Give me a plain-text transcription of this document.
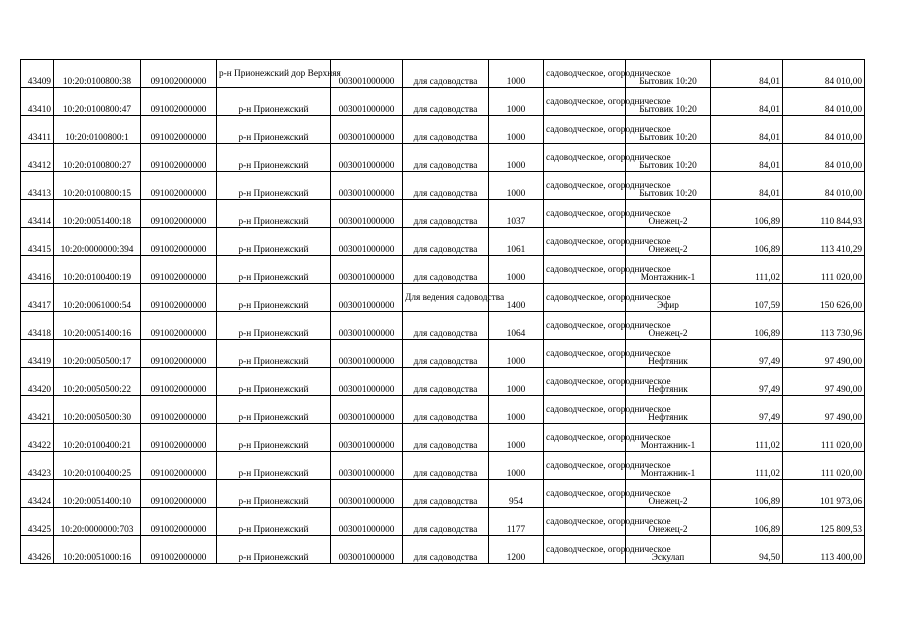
43409	10:20:0100800:38	091002000000	р-н Прионежский дор Верхняя	003001000000	для садоводства	1000	садоводческое, огородническое	Бытовик 10:20	84,01	84 010,00
43410	10:20:0100800:47	091002000000	р-н Прионежский	003001000000	для садоводства	1000	садоводческое, огородническое	Бытовик 10:20	84,01	84 010,00
43411	10:20:0100800:1	091002000000	р-н Прионежский	003001000000	для садоводства	1000	садоводческое, огородническое	Бытовик 10:20	84,01	84 010,00
43412	10:20:0100800:27	091002000000	р-н Прионежский	003001000000	для садоводства	1000	садоводческое, огородническое	Бытовик 10:20	84,01	84 010,00
43413	10:20:0100800:15	091002000000	р-н Прионежский	003001000000	для садоводства	1000	садоводческое, огородническое	Бытовик 10:20	84,01	84 010,00
43414	10:20:0051400:18	091002000000	р-н Прионежский	003001000000	для садоводства	1037	садоводческое, огородническое	Онежец-2	106,89	110 844,93
43415	10:20:0000000:394	091002000000	р-н Прионежский	003001000000	для садоводства	1061	садоводческое, огородническое	Онежец-2	106,89	113 410,29
43416	10:20:0100400:19	091002000000	р-н Прионежский	003001000000	для садоводства	1000	садоводческое, огородническое	Монтажник-1	111,02	111 020,00
43417	10:20:0061000:54	091002000000	р-н Прионежский	003001000000	Для ведения садоводства	1400	садоводческое, огородническое	Эфир	107,59	150 626,00
43418	10:20:0051400:16	091002000000	р-н Прионежский	003001000000	для садоводства	1064	садоводческое, огородническое	Онежец-2	106,89	113 730,96
43419	10:20:0050500:17	091002000000	р-н Прионежский	003001000000	для садоводства	1000	садоводческое, огородническое	Нефтяник	97,49	97 490,00
43420	10:20:0050500:22	091002000000	р-н Прионежский	003001000000	для садоводства	1000	садоводческое, огородническое	Нефтяник	97,49	97 490,00
43421	10:20:0050500:30	091002000000	р-н Прионежский	003001000000	для садоводства	1000	садоводческое, огородническое	Нефтяник	97,49	97 490,00
43422	10:20:0100400:21	091002000000	р-н Прионежский	003001000000	для садоводства	1000	садоводческое, огородническое	Монтажник-1	111,02	111 020,00
43423	10:20:0100400:25	091002000000	р-н Прионежский	003001000000	для садоводства	1000	садоводческое, огородническое	Монтажник-1	111,02	111 020,00
43424	10:20:0051400:10	091002000000	р-н Прионежский	003001000000	для садоводства	954	садоводческое, огородническое	Онежец-2	106,89	101 973,06
43425	10:20:0000000:703	091002000000	р-н Прионежский	003001000000	для садоводства	1177	садоводческое, огородническое	Онежец-2	106,89	125 809,53
43426	10:20:0051000:16	091002000000	р-н Прионежский	003001000000	для садоводства	1200	садоводческое, огородническое	Эскулап	94,50	113 400,00
